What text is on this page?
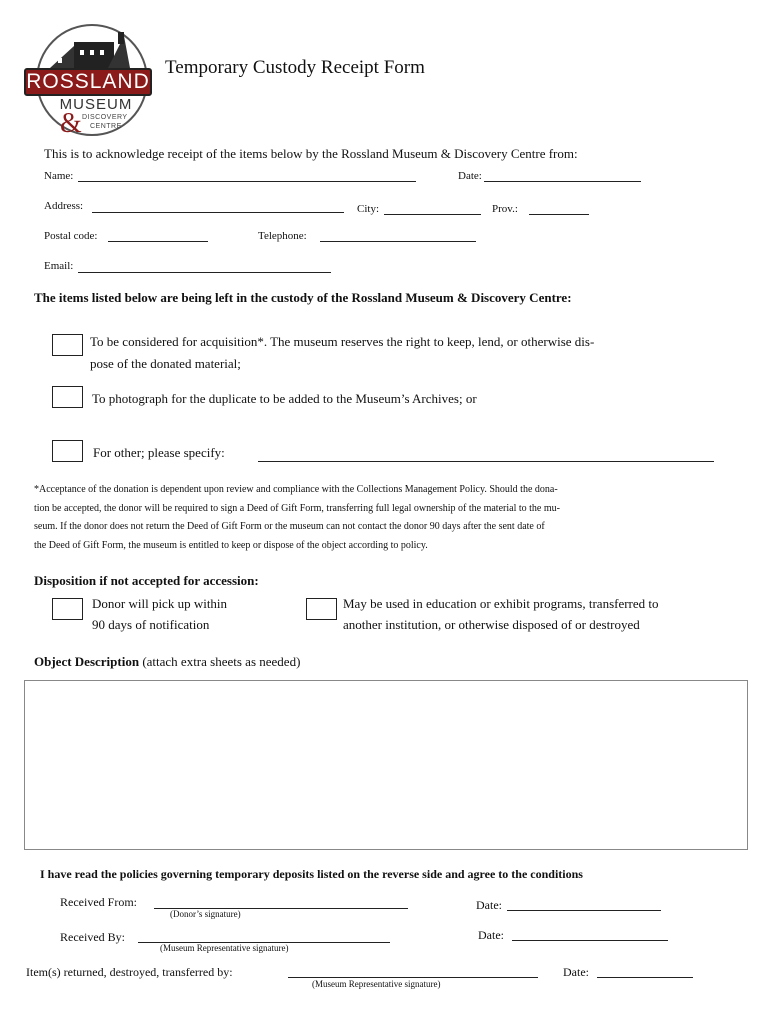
ROSSLAND
MUSEUM
& DISCOVERY
CENTRE
Temporary Custody Receipt Form
This is to acknowledge receipt of the items below by the Rossland Museum & Discovery Centre from:
Name:	Date:
Address:	City:	Prov.:
Postal code:	Telephone:
Email:
The items listed below are being left in the custody of the Rossland Museum & Discovery Centre:
To be considered for acquisition*. The museum reserves the right to keep, lend, or otherwise dis-
pose of the donated material;
To photograph for the duplicate to be added to the Museum’s Archives; or
For other; please specify:
*Acceptance of the donation is dependent upon review and compliance with the Collections Management Policy. Should the dona-
tion be accepted, the donor will be required to sign a Deed of Gift Form, transferring full legal ownership of the material to the mu-
seum. If the donor does not return the Deed of Gift Form or the museum can not contact the donor 90 days after the sent date of
the Deed of Gift Form, the museum is entitled to keep or dispose of the object according to policy.
Disposition if not accepted for accession:
Donor will pick up within
90 days of notification
May be used in education or exhibit programs, transferred to
another institution, or otherwise disposed of or destroyed
Object Description (attach extra sheets as needed)
I have read the policies governing temporary deposits listed on the reverse side and agree to the conditions
Received From:
(Donor’s signature)
Date:
Received By:
(Museum Representative signature)
Date:
Item(s) returned, destroyed, transferred by:
(Museum Representative signature)
Date:
